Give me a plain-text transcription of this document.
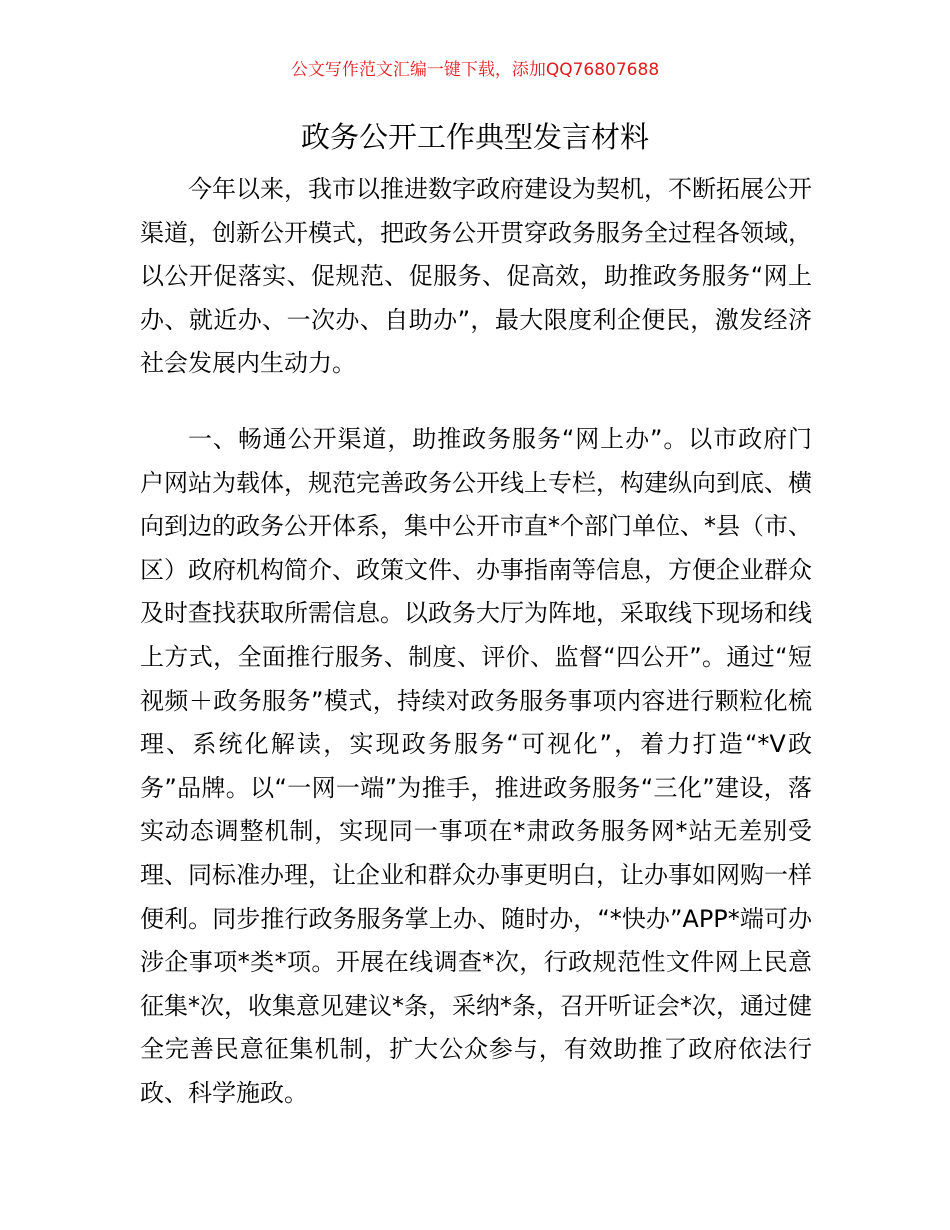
公文写作范文汇编一键下载，添加QQ76807688
政务公开工作典型发言材料

今年以来，我市以推进数字政府建设为契机，不断拓展公开渠道，创新公开模式，把政务公开贯穿政务服务全过程各领域，以公开促落实、促规范、促服务、促高效，助推政务服务“网上办、就近办、一次办、自助办”，最大限度利企便民，激发经济社会发展内生动力。

一、畅通公开渠道，助推政务服务“网上办”。以市政府门户网站为载体，规范完善政务公开线上专栏，构建纵向到底、横向到边的政务公开体系，集中公开市直*个部门单位、*县（市、区）政府机构简介、政策文件、办事指南等信息，方便企业群众及时查找获取所需信息。以政务大厅为阵地，采取线下现场和线上方式，全面推行服务、制度、评价、监督“四公开”。通过“短视频＋政务服务”模式，持续对政务服务事项内容进行颗粒化梳理、系统化解读，实现政务服务“可视化”，着力打造“*V政务”品牌。以“一网一端”为推手，推进政务服务“三化”建设，落实动态调整机制，实现同一事项在*肃政务服务网*站无差别受理、同标准办理，让企业和群众办事更明白，让办事如网购一样便利。同步推行政务服务掌上办、随时办，“*快办”APP*端可办涉企事项*类*项。开展在线调查*次，行政规范性文件网上民意征集*次，收集意见建议*条，采纳*条，召开听证会*次，通过健全完善民意征集机制，扩大公众参与，有效助推了政府依法行政、科学施政。
